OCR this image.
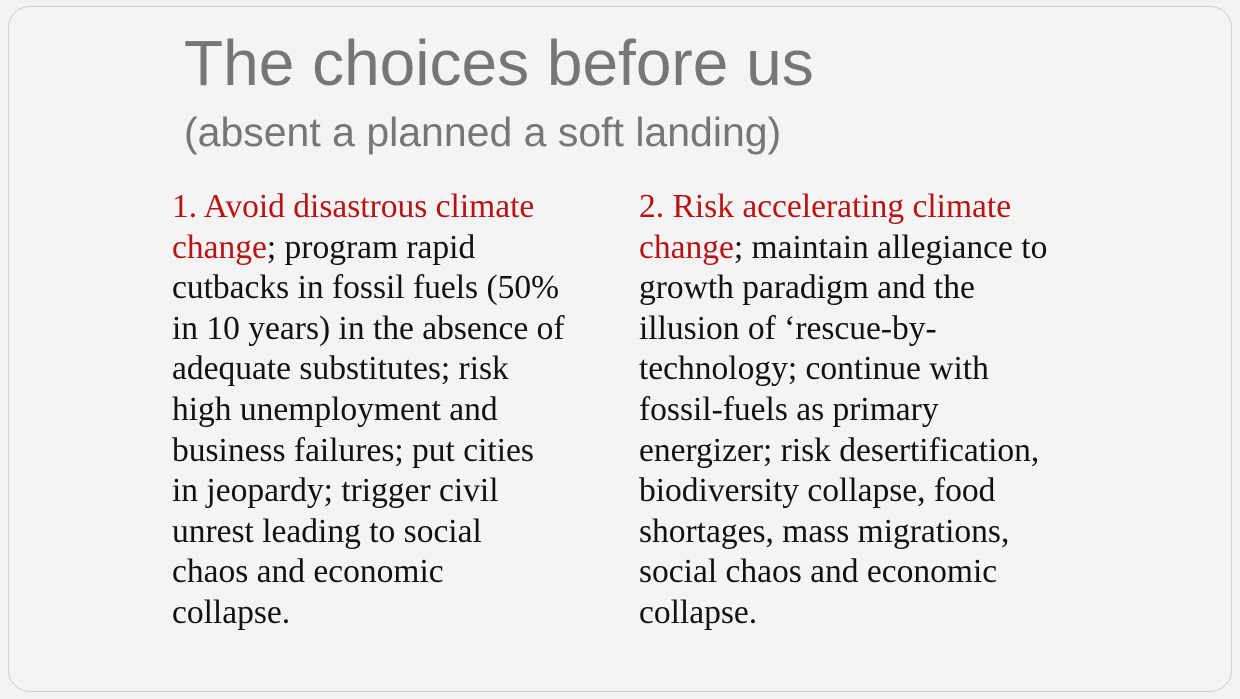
The choices before us
(absent a planned a soft landing)
1. Avoid disastrous climate
change; program rapid
cutbacks in fossil fuels (50%
in 10 years) in the absence of
adequate substitutes; risk
high unemployment and
business failures; put cities
in jeopardy; trigger civil
unrest leading to social
chaos and economic
collapse.
2. Risk accelerating climate
change; maintain allegiance to
growth paradigm and the
illusion of ‘rescue-by-
technology; continue with
fossil-fuels as primary
energizer; risk desertification,
biodiversity collapse, food
shortages, mass migrations,
social chaos and economic
collapse.
